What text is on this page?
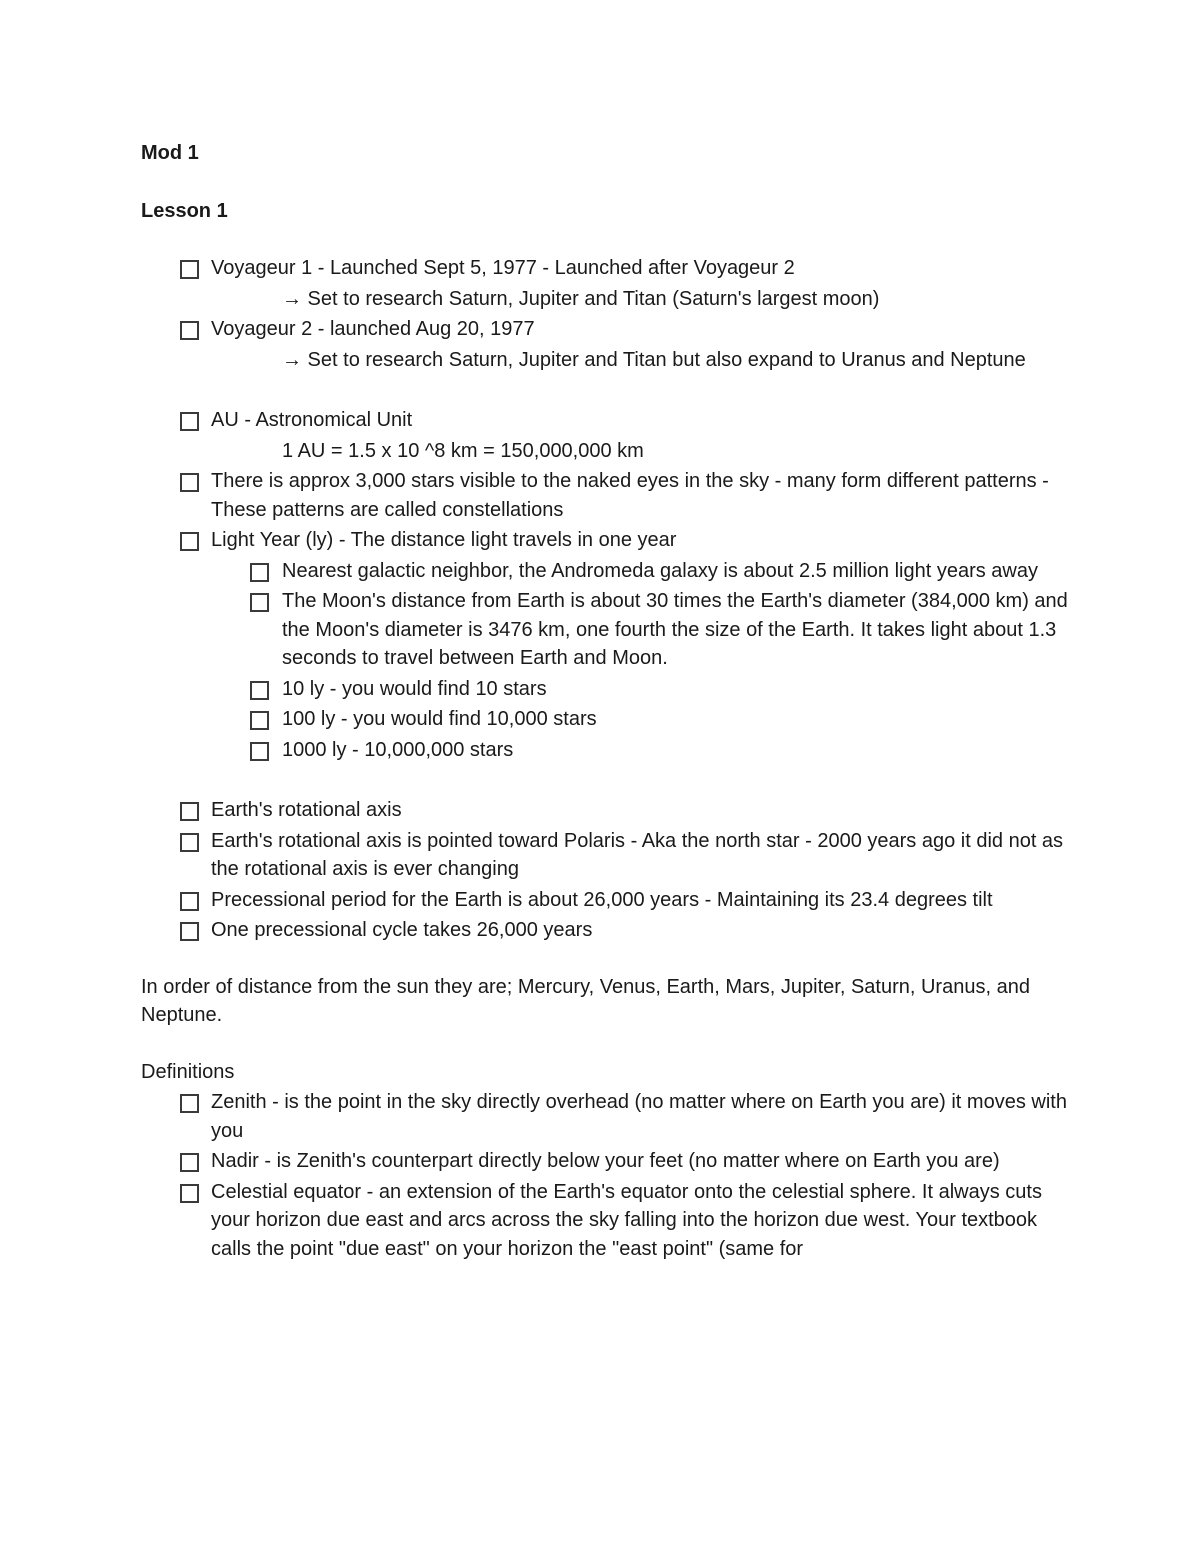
Mod 1
Lesson 1
Voyageur 1 - Launched Sept 5, 1977 - Launched after Voyageur 2
→ Set to research Saturn, Jupiter and Titan (Saturn's largest moon)
Voyageur 2 - launched Aug 20, 1977
→ Set to research Saturn, Jupiter and Titan but also expand to Uranus and Neptune
AU - Astronomical Unit
1 AU = 1.5 x 10 ^8 km = 150,000,000 km
There is approx 3,000 stars visible to the naked eyes in the sky - many form different patterns - These patterns are called constellations
Light Year (ly) - The distance light travels in one year
Nearest galactic neighbor, the Andromeda galaxy is about 2.5 million light years away
The Moon's distance from Earth is about 30 times the Earth's diameter (384,000 km) and the Moon's diameter is 3476 km, one fourth the size of the Earth. It takes light about 1.3 seconds to travel between Earth and Moon.
10 ly - you would find 10 stars
100 ly - you would find 10,000 stars
1000 ly - 10,000,000 stars
Earth's rotational axis
Earth's rotational axis is pointed toward Polaris - Aka the north star - 2000 years ago it did not as the rotational axis is ever changing
Precessional period for the Earth is about 26,000 years - Maintaining its 23.4 degrees tilt
One precessional cycle takes 26,000 years

In order of distance from the sun they are; Mercury, Venus, Earth, Mars, Jupiter, Saturn, Uranus, and Neptune.

Definitions
Zenith - is the point in the sky directly overhead (no matter where on Earth you are) it moves with you
Nadir - is Zenith's counterpart directly below your feet (no matter where on Earth you are)
Celestial equator - an extension of the Earth's equator onto the celestial sphere. It always cuts your horizon due east and arcs across the sky falling into the horizon due west. Your textbook calls the point "due east" on your horizon the "east point" (same for
